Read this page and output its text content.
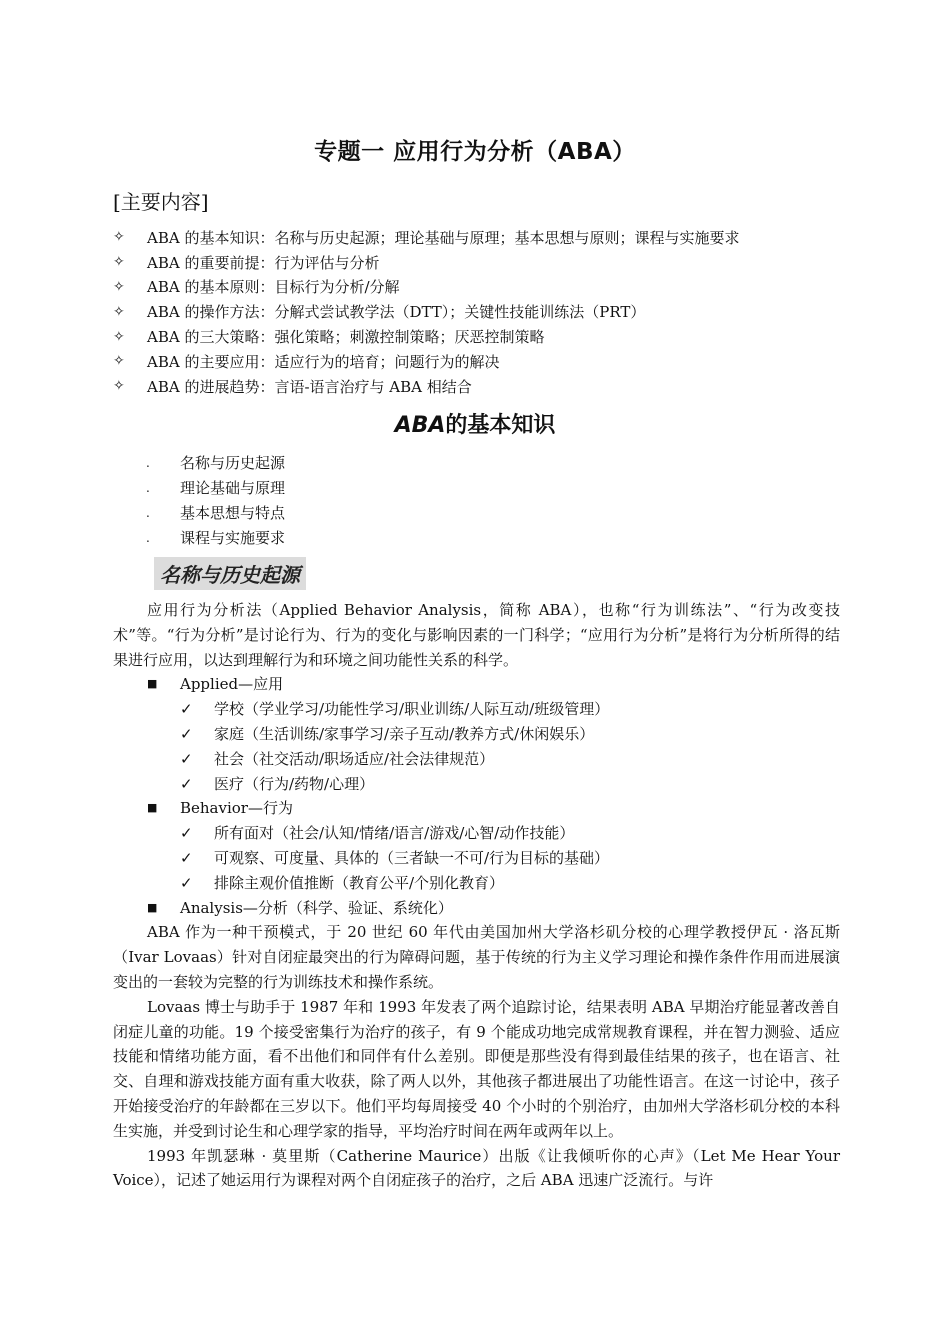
专题一 应用行为分析（ABA）
[主要内容]
✧	ABA 的基本知识：名称与历史起源；理论基础与原理；基本思想与原则；课程与实施要求
✧	ABA 的重要前提：行为评估与分析
✧	ABA 的基本原则：目标行为分析/分解
✧	ABA 的操作方法：分解式尝试教学法（DTT）；关键性技能训练法（PRT）
✧	ABA 的三大策略：强化策略；刺激控制策略；厌恶控制策略
✧	ABA 的主要应用：适应行为的培育；问题行为的解决
✧	ABA 的进展趋势：言语-语言治疗与 ABA 相结合
ABA的基本知识
.	名称与历史起源
.	理论基础与原理
.	基本思想与特点
.	课程与实施要求
名称与历史起源

应用行为分析法（Applied Behavior Analysis，简称 ABA），也称“行为训练法”、“行为改变技术”等。“行为分析”是讨论行为、行为的变化与影响因素的一门科学；“应用行为分析”是将行为分析所得的结果进行应用，以达到理解行为和环境之间功能性关系的科学。

■	Applied—应用
✓	学校（学业学习/功能性学习/职业训练/人际互动/班级管理）
✓	家庭（生活训练/家事学习/亲子互动/教养方式/休闲娱乐）
✓	社会（社交活动/职场适应/社会法律规范）
✓	医疗（行为/药物/心理）
■	Behavior—行为
✓	所有面对（社会/认知/情绪/语言/游戏/心智/动作技能）
✓	可观察、可度量、具体的（三者缺一不可/行为目标的基础）
✓	排除主观价值推断（教育公平/个别化教育）
■	Analysis—分析（科学、验证、系统化）

ABA 作为一种干预模式，于 20 世纪 60 年代由美国加州大学洛杉矶分校的心理学教授伊瓦 · 洛瓦斯（Ivar Lovaas）针对自闭症最突出的行为障碍问题，基于传统的行为主义学习理论和操作条件作用而进展演变出的一套较为完整的行为训练技术和操作系统。

Lovaas 博士与助手于 1987 年和 1993 年发表了两个追踪讨论，结果表明 ABA 早期治疗能显著改善自闭症儿童的功能。19 个接受密集行为治疗的孩子，有 9 个能成功地完成常规教育课程，并在智力测验、适应技能和情绪功能方面，看不出他们和同伴有什么差别。即便是那些没有得到最佳结果的孩子，也在语言、社交、自理和游戏技能方面有重大收获，除了两人以外，其他孩子都进展出了功能性语言。在这一讨论中，孩子开始接受治疗的年龄都在三岁以下。他们平均每周接受 40 个小时的个别治疗，由加州大学洛杉矶分校的本科生实施，并受到讨论生和心理学家的指导，平均治疗时间在两年或两年以上。

1993 年凯瑟琳 · 莫里斯（Catherine Maurice）出版《让我倾听你的心声》（Let Me Hear Your Voice），记述了她运用行为课程对两个自闭症孩子的治疗，之后 ABA 迅速广泛流行。与许
